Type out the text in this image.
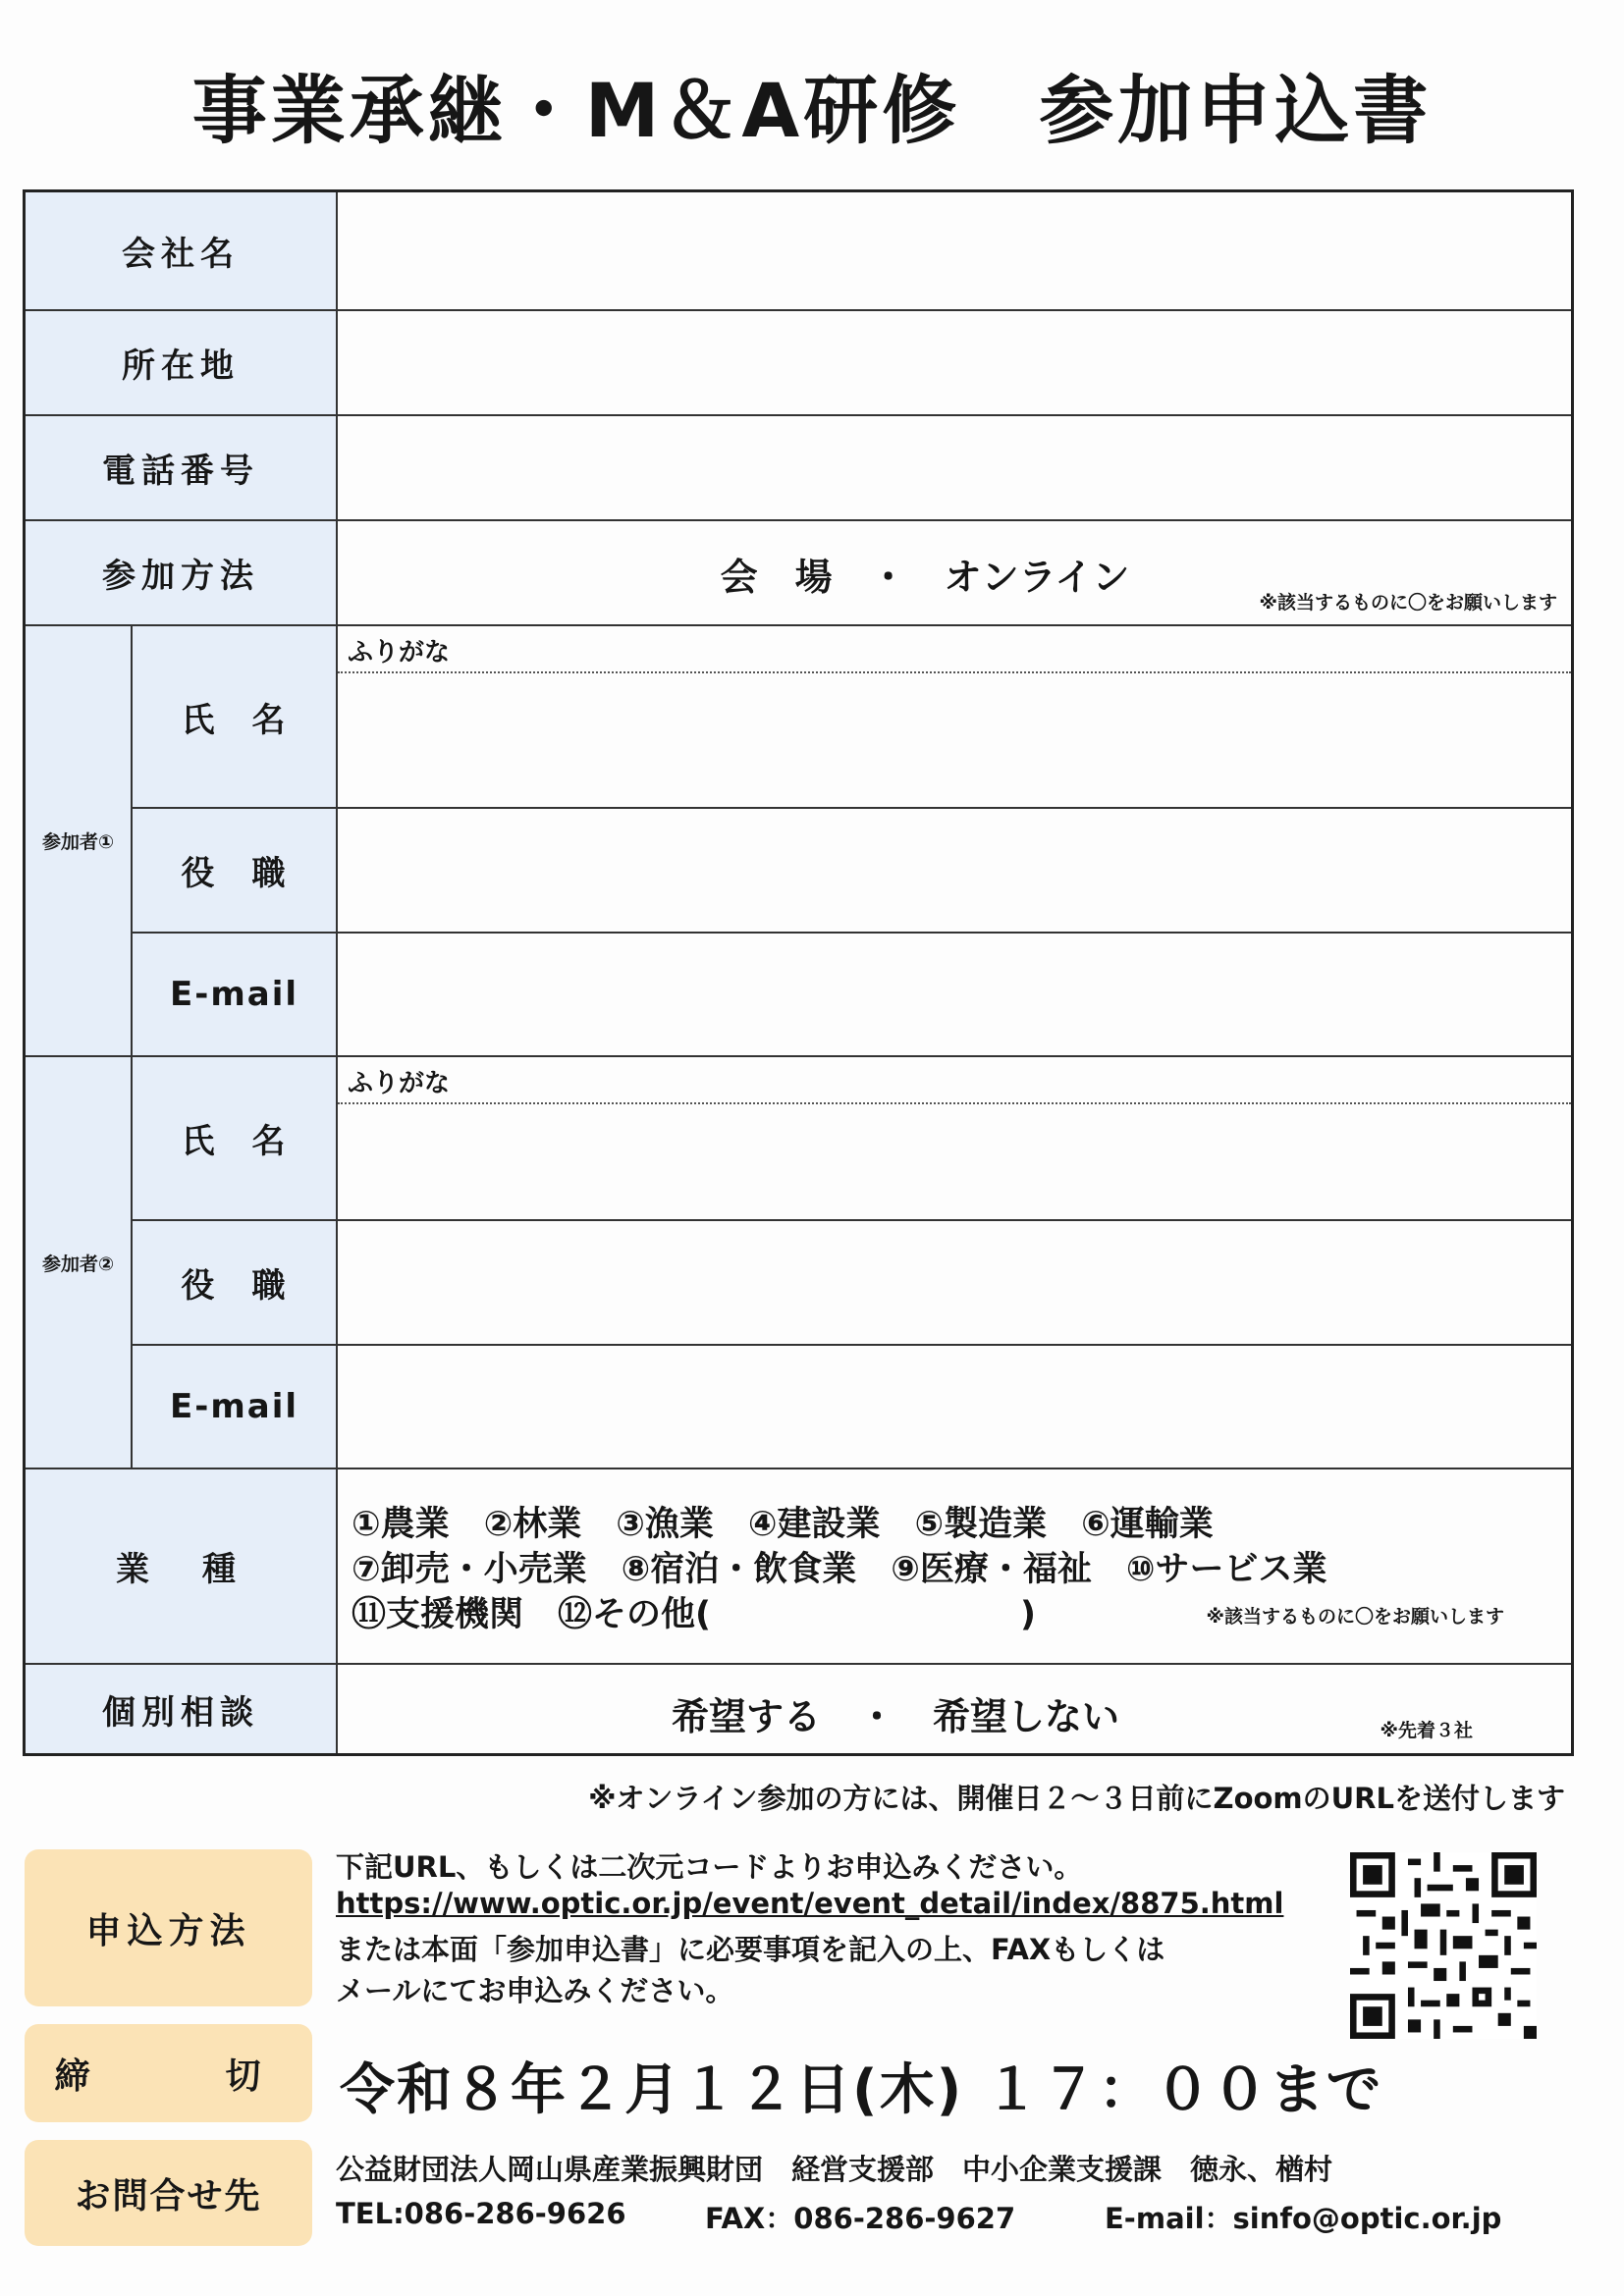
事業承継・M＆A研修　参加申込書
会社名
所在地
電話番号
参加方法	会　場　・　オンライン
※該当するものに〇をお願いします
参加者①
氏　名
ふりがな
役　職
E-mail
参加者②
氏　名
ふりがな
役　職
E-mail
業　種
①農業　②林業　③漁業　④建設業　⑤製造業　⑥運輸業
⑦卸売・小売業　⑧宿泊・飲食業　⑨医療・福祉　⑩サービス業
⑪支援機関　⑫その他(　　　　　　　　　)	※該当するものに〇をお願いします
個別相談	希望する　・　希望しない	※先着３社
※オンライン参加の方には、開催日２～３日前にZoomのURLを送付します
申込方法
下記URL、もしくは二次元コードよりお申込みください。
https://www.optic.or.jp/event/event_detail/index/8875.html
または本面「参加申込書」に必要事項を記入の上、FAXもしくは
メールにてお申込みください。
締　　切	令和８年２月１２日(木) １７：００まで
お問合せ先
公益財団法人岡山県産業振興財団　経営支援部　中小企業支援課　徳永、楢村
TEL:086-286-9626	FAX：086-286-9627	E-mail：sinfo@optic.or.jp
